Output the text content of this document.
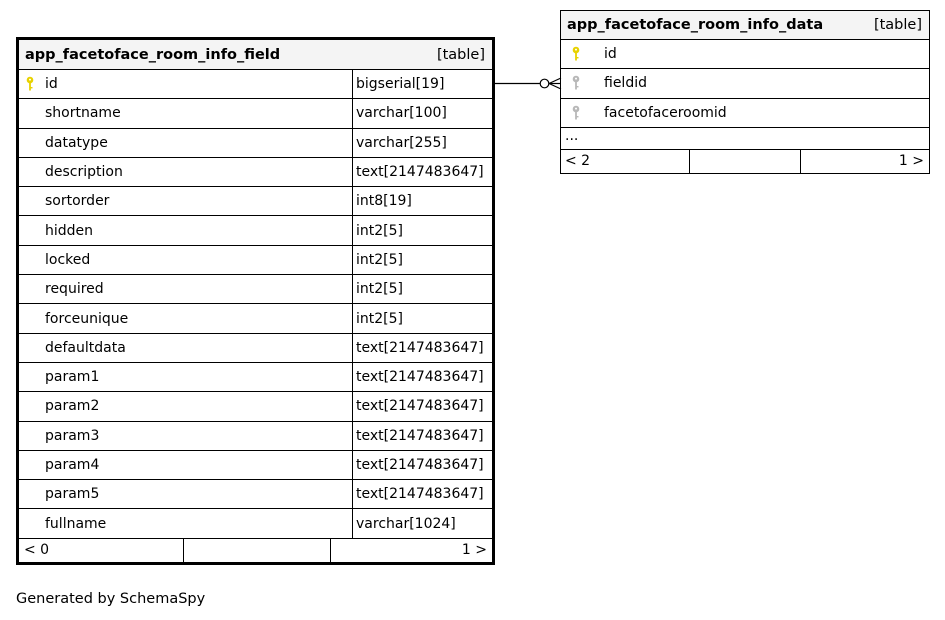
app_facetoface_room_info_field	[table]
id	bigserial[19]
shortname	varchar[100]
datatype	varchar[255]
description	text[2147483647]
sortorder	int8[19]
hidden	int2[5]
locked	int2[5]
required	int2[5]
forceunique	int2[5]
defaultdata	text[2147483647]
param1	text[2147483647]
param2	text[2147483647]
param3	text[2147483647]
param4	text[2147483647]
param5	text[2147483647]
fullname	varchar[1024]
< 0	1 >
app_facetoface_room_info_data	[table]
id
fieldid
facetofaceroomid
...
< 2	1 >
Generated by SchemaSpy
